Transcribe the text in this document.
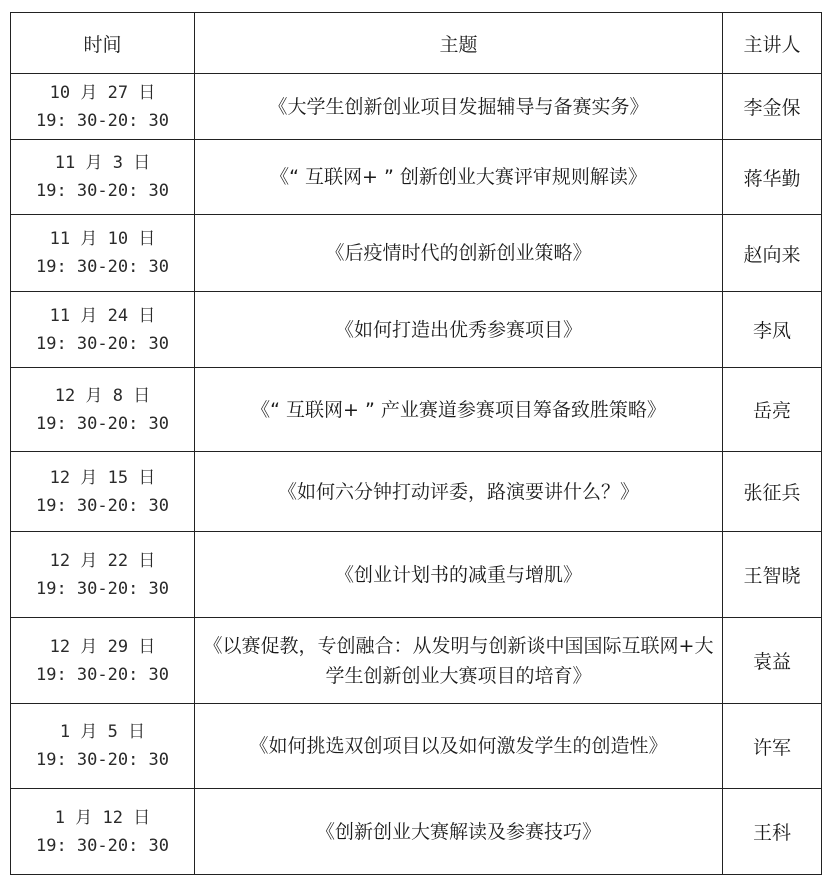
时间	主题	主讲人

10 月 27 日
19: 30-20: 30	《大学生创新创业项目发掘辅导与备赛实务》	李金保

11 月 3 日
19: 30-20: 30	《“ 互联网+ ” 创新创业大赛评审规则解读》	蒋华勤

11 月 10 日
19: 30-20: 30	《后疫情时代的创新创业策略》	赵向来

11 月 24 日
19: 30-20: 30	《如何打造出优秀参赛项目》	李凤

12 月 8 日
19: 30-20: 30	《“ 互联网+ ” 产业赛道参赛项目筹备致胜策略》	岳亮

12 月 15 日
19: 30-20: 30	《如何六分钟打动评委，路演要讲什么？》	张征兵

12 月 22 日
19: 30-20: 30	《创业计划书的减重与增肌》	王智晓

12 月 29 日
19: 30-20: 30	《以赛促教，专创融合：从发明与创新谈中国国际互联网+大学生创新创业大赛项目的培育》	袁益

1 月 5 日
19: 30-20: 30	《如何挑选双创项目以及如何激发学生的创造性》	许军

1 月 12 日
19: 30-20: 30	《创新创业大赛解读及参赛技巧》	王科
